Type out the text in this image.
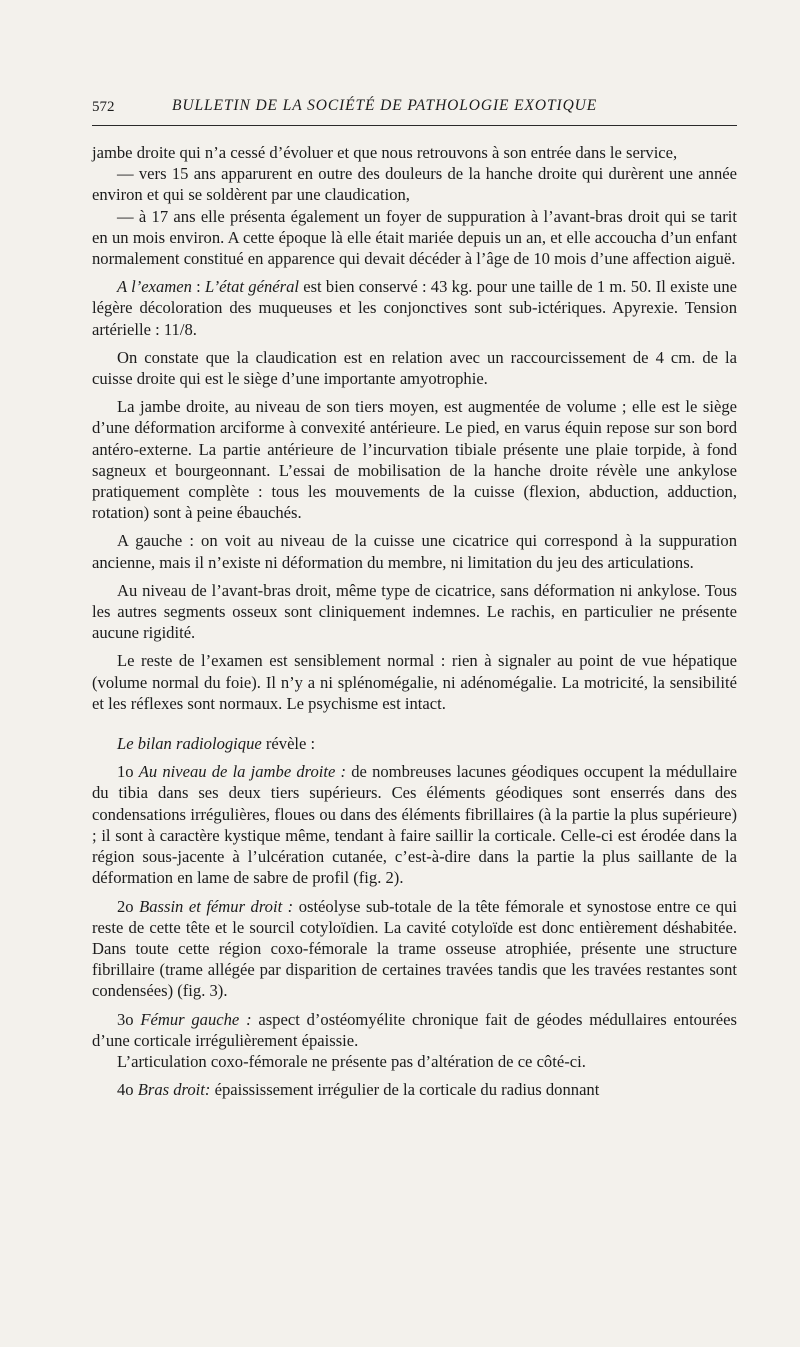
572	BULLETIN DE LA SOCIÉTÉ DE PATHOLOGIE EXOTIQUE

jambe droite qui n’a cessé d’évoluer et que nous retrouvons à son entrée dans le service,

— vers 15 ans apparurent en outre des douleurs de la hanche droite qui durèrent une année environ et qui se soldèrent par une claudication,

— à 17 ans elle présenta également un foyer de suppuration à l’avant-bras droit qui se tarit en un mois environ. A cette époque là elle était mariée depuis un an, et elle accoucha d’un enfant normalement constitué en apparence qui devait décéder à l’âge de 10 mois d’une affection aiguë.

A l’examen : L’état général est bien conservé : 43 kg. pour une taille de 1 m. 50. Il existe une légère décoloration des muqueuses et les conjonctives sont sub-ictériques. Apyrexie. Tension artérielle : 11/8.

On constate que la claudication est en relation avec un raccourcissement de 4 cm. de la cuisse droite qui est le siège d’une importante amyotrophie.

La jambe droite, au niveau de son tiers moyen, est augmentée de volume ; elle est le siège d’une déformation arciforme à convexité antérieure. Le pied, en varus équin repose sur son bord antéro-externe. La partie antérieure de l’incurvation tibiale présente une plaie torpide, à fond sagneux et bourgeonnant. L’essai de mobilisation de la hanche droite révèle une ankylose pratiquement complète : tous les mouvements de la cuisse (flexion, abduction, adduction, rotation) sont à peine ébauchés.

A gauche : on voit au niveau de la cuisse une cicatrice qui correspond à la suppuration ancienne, mais il n’existe ni déformation du membre, ni limitation du jeu des articulations.

Au niveau de l’avant-bras droit, même type de cicatrice, sans déformation ni ankylose. Tous les autres segments osseux sont cliniquement indemnes. Le rachis, en particulier ne présente aucune rigidité.

Le reste de l’examen est sensiblement normal : rien à signaler au point de vue hépatique (volume normal du foie). Il n’y a ni splénomégalie, ni adénomégalie. La motricité, la sensibilité et les réflexes sont normaux. Le psychisme est intact.

Le bilan radiologique révèle :

1o Au niveau de la jambe droite : de nombreuses lacunes géodiques occupent la médullaire du tibia dans ses deux tiers supérieurs. Ces éléments géodiques sont enserrés dans des condensations irrégulières, floues ou dans des éléments fibrillaires (à la partie la plus supérieure) ; il sont à caractère kystique même, tendant à faire saillir la corticale. Celle-ci est érodée dans la région sous-jacente à l’ulcération cutanée, c’est-à-dire dans la partie la plus saillante de la déformation en lame de sabre de profil (fig. 2).

2o Bassin et fémur droit : ostéolyse sub-totale de la tête fémorale et synostose entre ce qui reste de cette tête et le sourcil cotyloïdien. La cavité cotyloïde est donc entièrement déshabitée. Dans toute cette région coxo-fémorale la trame osseuse atrophiée, présente une structure fibrillaire (trame allégée par disparition de certaines travées tandis que les travées restantes sont condensées) (fig. 3).

3o Fémur gauche : aspect d’ostéomyélite chronique fait de géodes médullaires entourées d’une corticale irrégulièrement épaissie.

L’articulation coxo-fémorale ne présente pas d’altération de ce côté-ci.

4o Bras droit: épaississement irrégulier de la corticale du radius donnant
